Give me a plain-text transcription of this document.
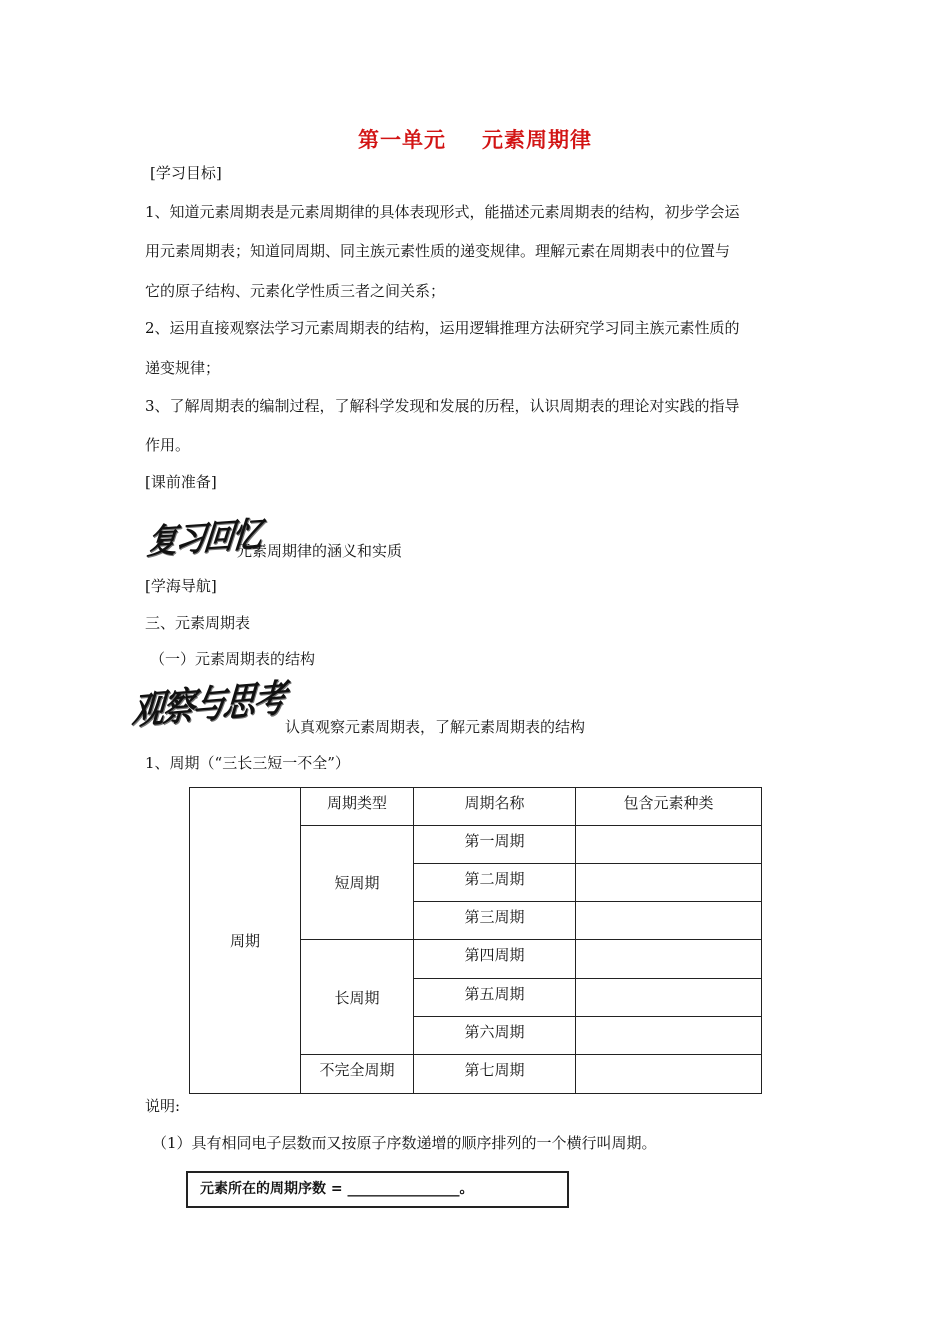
第一单元 元素周期律
[学习目标]
1、知道元素周期表是元素周期律的具体表现形式，能描述元素周期表的结构，初步学会运
用元素周期表；知道同周期、同主族元素性质的递变规律。理解元素在周期表中的位置与
它的原子结构、元素化学性质三者之间关系；
2、运用直接观察法学习元素周期表的结构，运用逻辑推理方法研究学习同主族元素性质的
递变规律；
3、了解周期表的编制过程，了解科学发现和发展的历程，认识周期表的理论对实践的指导
作用。
[课前准备]
复习回忆
元素周期律的涵义和实质
[学海导航]
三、元素周期表
（一）元素周期表的结构
观察与思考 认真观察元素周期表，了解元素周期表的结构
1、周期（“三长三短一不全”）
周期	周期类型	周期名称	包含元素种类
	短周期	第一周期	
		第二周期	
		第三周期	
	长周期	第四周期	
		第五周期	
		第六周期	
	不完全周期	第七周期	
说明:
（1）具有相同电子层数而又按原子序数递增的顺序排列的一个横行叫周期。
元素所在的周期序数 = ________________。
